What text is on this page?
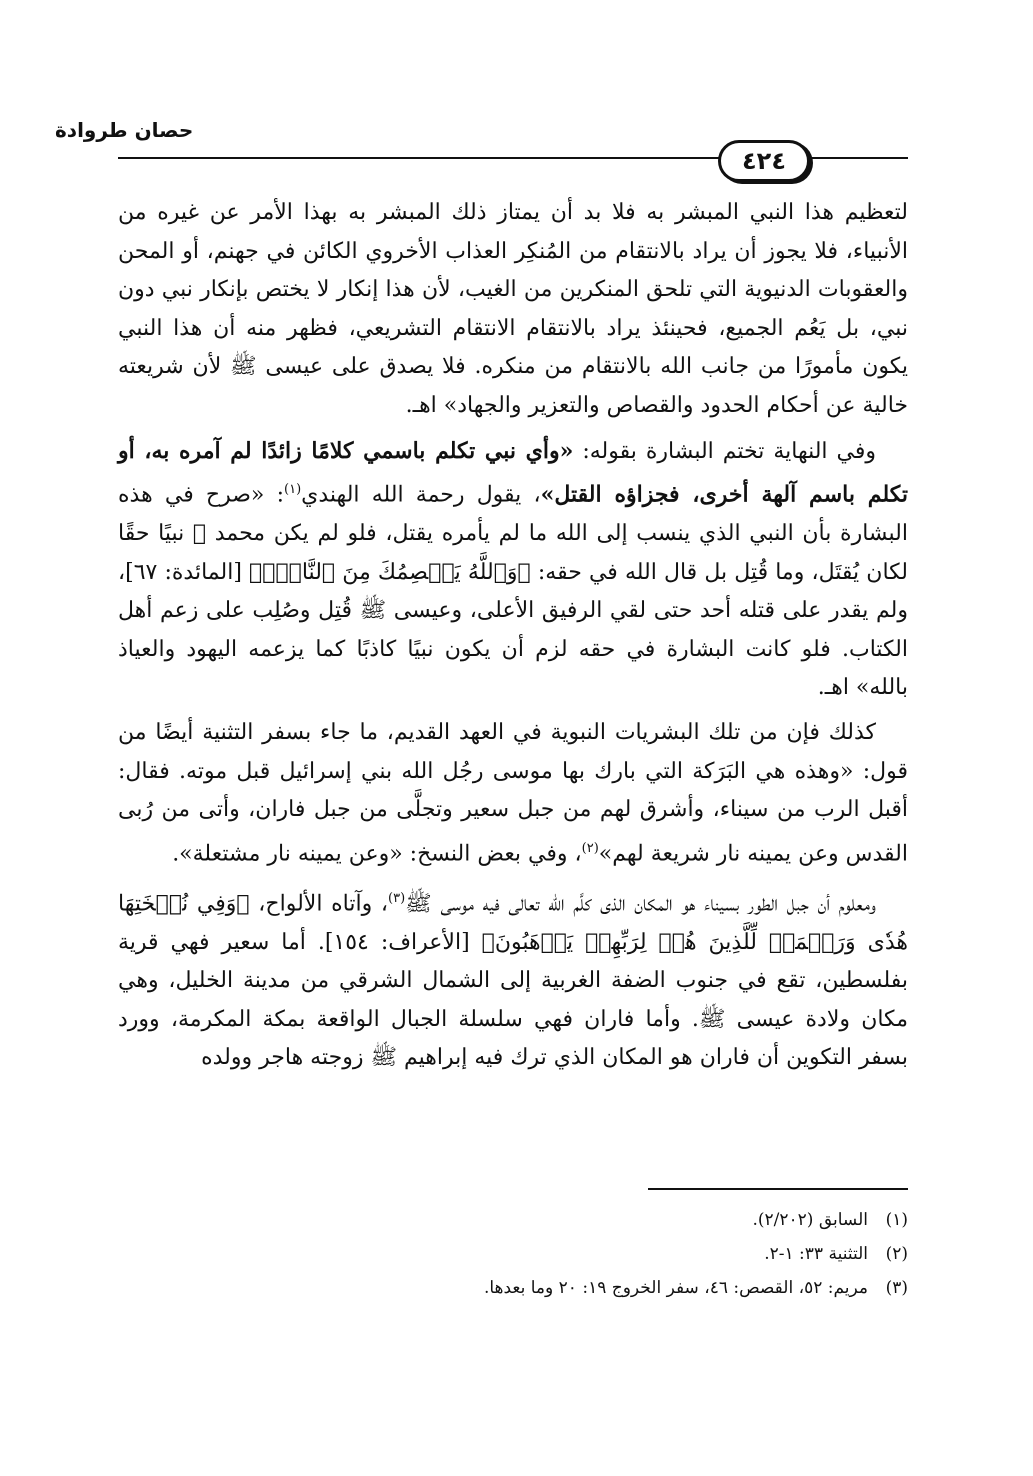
حصان طروادة
٤٢٤

لتعظيم هذا النبي المبشر به فلا بد أن يمتاز ذلك المبشر به بهذا الأمر عن غيره من الأنبياء، فلا يجوز أن يراد بالانتقام من المُنكِر العذاب الأخروي الكائن في جهنم، أو المحن والعقوبات الدنيوية التي تلحق المنكرين من الغيب، لأن هذا إنكار لا يختص بإنكار نبي دون نبي، بل يَعُم الجميع، فحينئذ يراد بالانتقام الانتقام التشريعي، فظهر منه أن هذا النبي يكون مأمورًا من جانب الله بالانتقام من منكره. فلا يصدق على عيسى ﷺ لأن شريعته خالية عن أحكام الحدود والقصاص والتعزير والجهاد» اهـ.

وفي النهاية تختم البشارة بقوله: «وأي نبي تكلم باسمي كلامًا زائدًا لم آمره به، أو تكلم باسم آلهة أخرى، فجزاؤه القتل»، يقول رحمة الله الهندي$^{(١)}$: «صرح في هذه البشارة بأن النبي الذي ينسب إلى الله ما لم يأمره يقتل، فلو لم يكن محمد ﷺ نبيًا حقًا لكان يُقتَل، وما قُتِل بل قال الله في حقه: ﴿وَٱللَّهُ يَعۡصِمُكَ مِنَ ٱلنَّاسِۗ﴾ [المائدة: ٦٧]، ولم يقدر على قتله أحد حتى لقي الرفيق الأعلى، وعيسى ﷺ قُتِل وصُلِب على زعم أهل الكتاب. فلو كانت البشارة في حقه لزم أن يكون نبيًا كاذبًا كما يزعمه اليهود والعياذ بالله» اهـ.

كذلك فإن من تلك البشريات النبوية في العهد القديم، ما جاء بسفر التثنية أيضًا من قول: «وهذه هي البَرَكة التي بارك بها موسى رجُل الله بني إسرائيل قبل موته. فقال: أقبل الرب من سيناء، وأشرق لهم من جبل سعير وتجلَّى من جبل فاران، وأتى من رُبى القدس وعن يمينه نار شريعة لهم»$^{(٢)}$، وفي بعض النسخ: «وعن يمينه نار مشتعلة».

ومعلوم أن جبل الطور بسيناء هو المكان الذى كلَّم الله تعالى فيه موسى ﷺ$^{(٣)}$، وآتاه الألواح، ﴿وَفِي نُسۡخَتِهَا هُدٗى وَرَحۡمَةٞ لِّلَّذِينَ هُمۡ لِرَبِّهِمۡ يَرۡهَبُونَ﴾ [الأعراف: ١٥٤]. أما سعير فهي قرية بفلسطين، تقع في جنوب الضفة الغربية إلى الشمال الشرقي من مدينة الخليل، وهي مكان ولادة عيسى ﷺ. وأما فاران فهي سلسلة الجبال الواقعة بمكة المكرمة، وورد بسفر التكوين أن فاران هو المكان الذي ترك فيه إبراهيم ﷺ زوجته هاجر وولده

(١)
السابق (٢/٢٠٢).
(٢)
التثنية ٣٣: ١-٢.
(٣)
مريم: ٥٢، القصص: ٤٦، سفر الخروج ١٩: ٢٠ وما بعدها.
